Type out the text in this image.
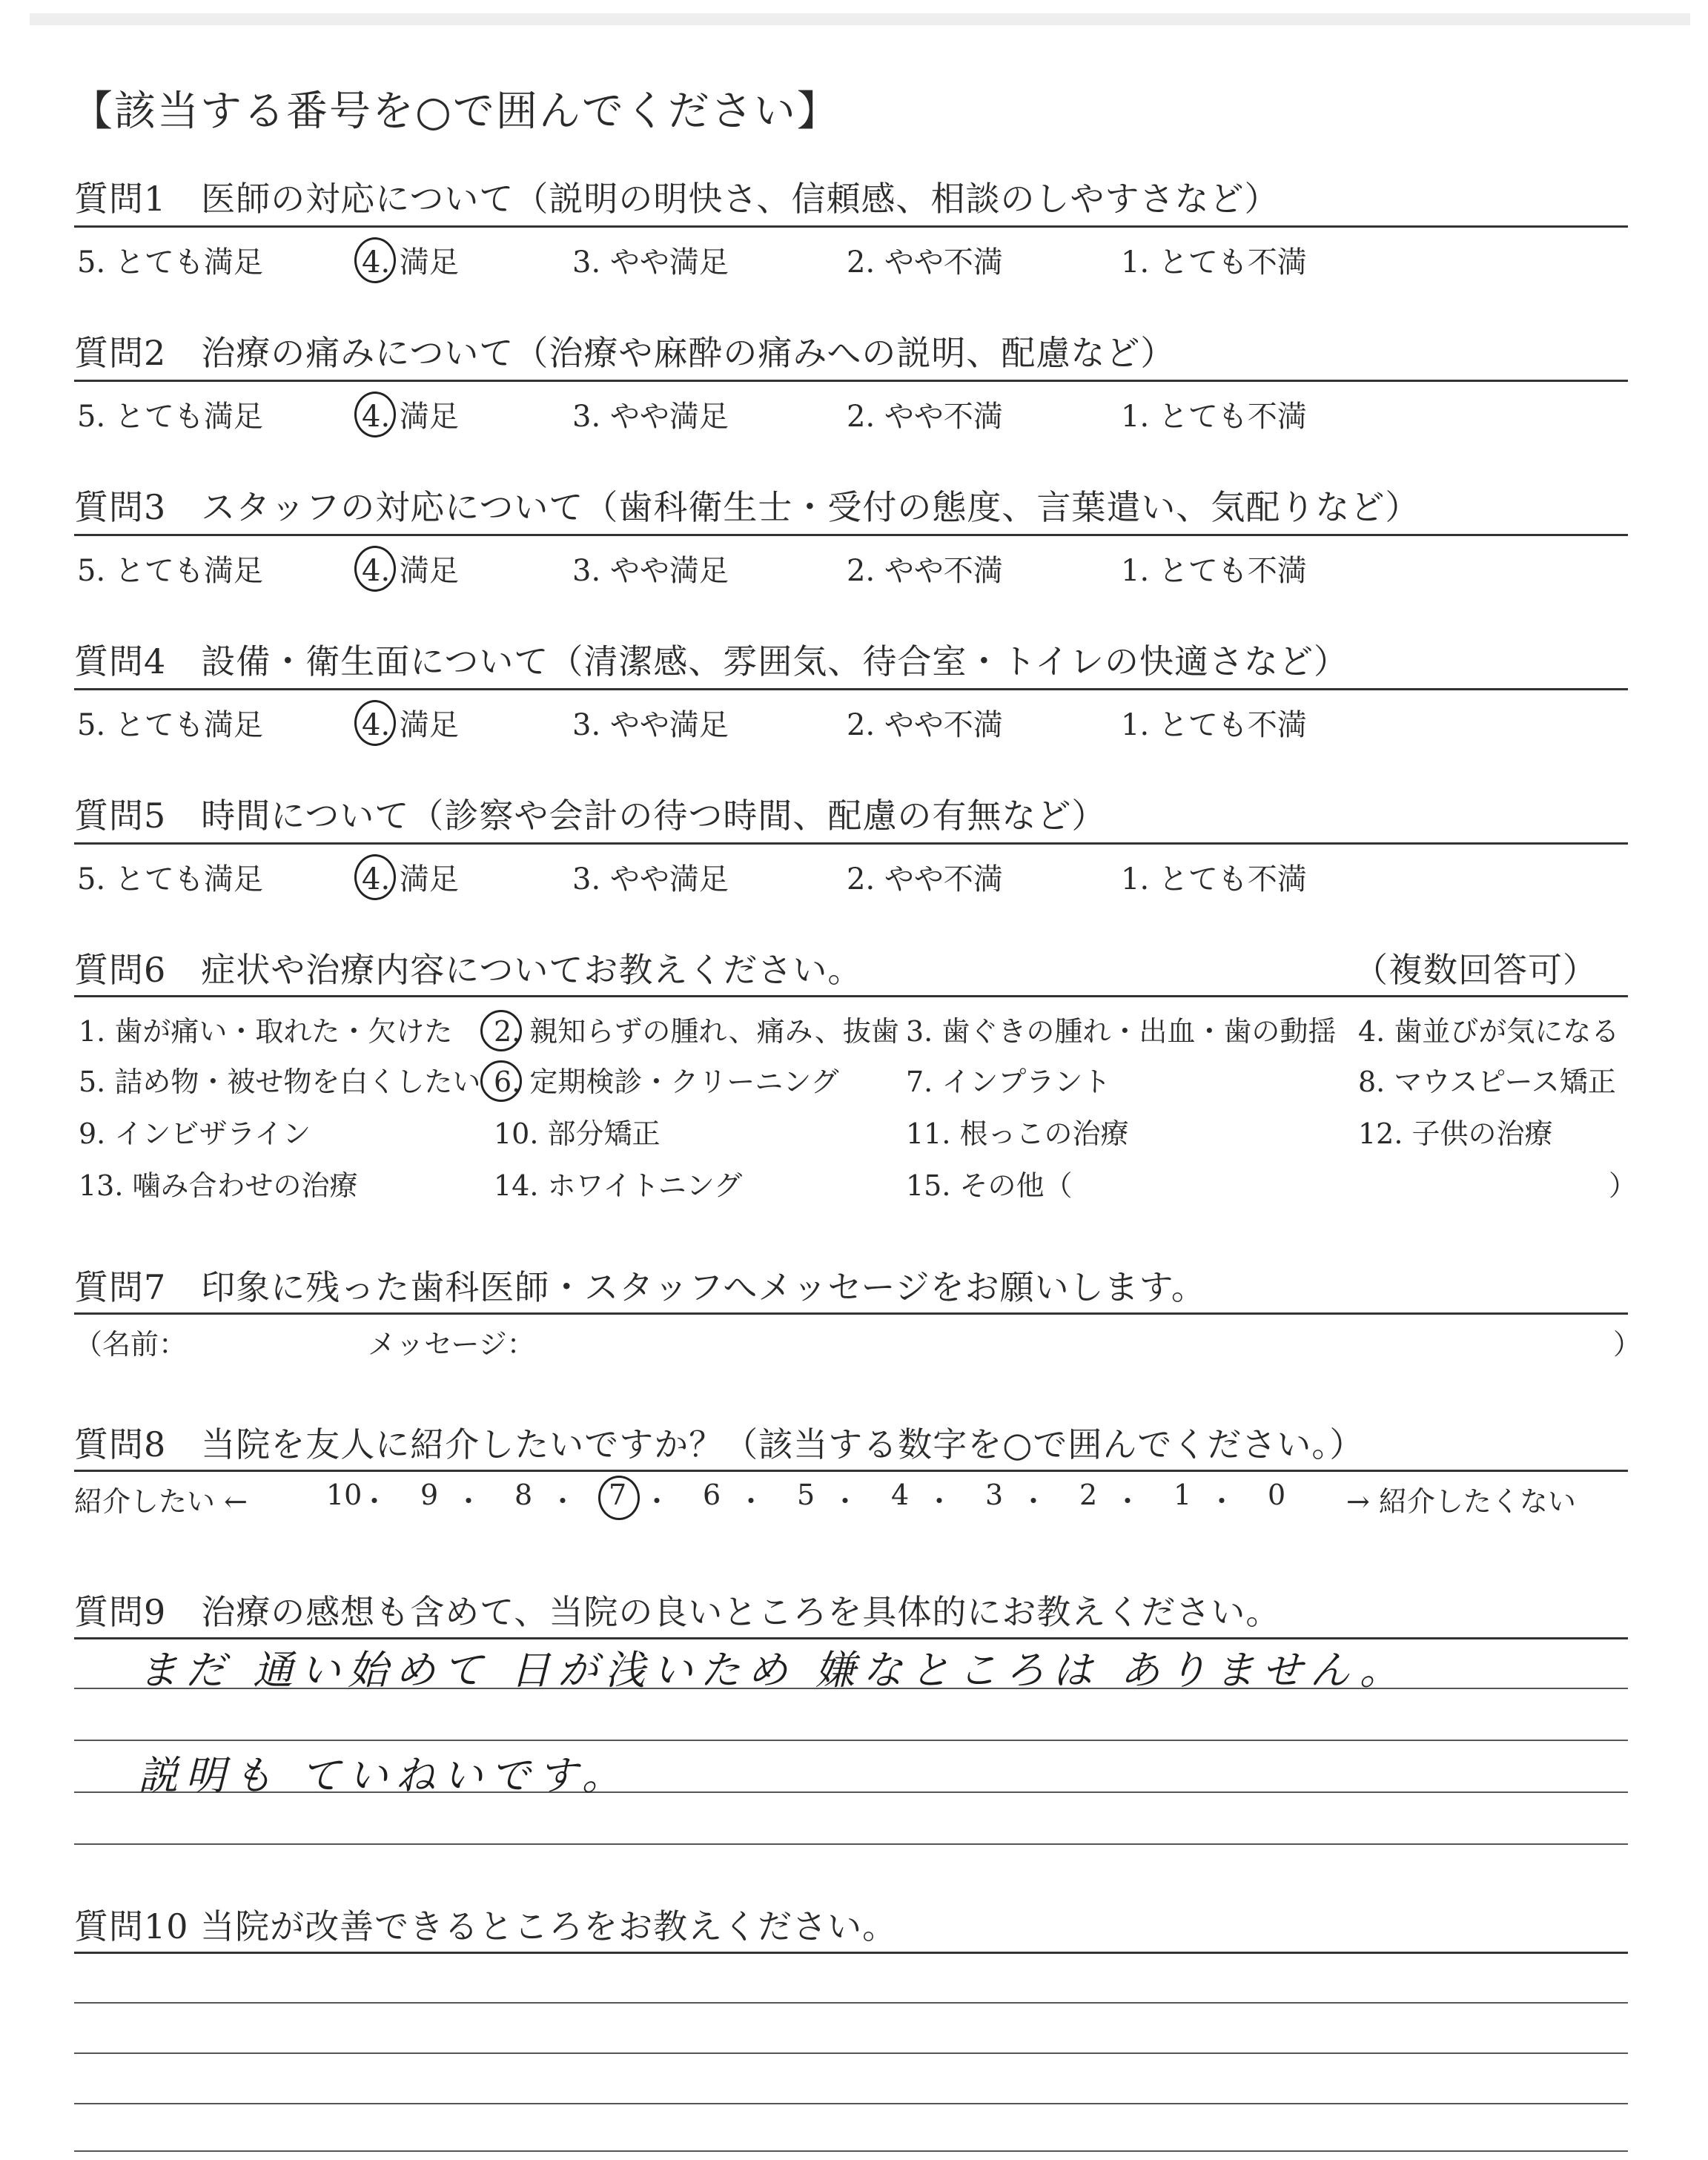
【該当する番号を○で囲んでください】
質問1　医師の対応について（説明の明快さ、信頼感、相談のしやすさなど）
5. とても満足	4. 満足	3. やや満足	2. やや不満	1. とても不満
質問2　治療の痛みについて（治療や麻酔の痛みへの説明、配慮など）
5. とても満足	4. 満足	3. やや満足	2. やや不満	1. とても不満
質問3　スタッフの対応について（歯科衛生士・受付の態度、言葉遣い、気配りなど）
5. とても満足	4. 満足	3. やや満足	2. やや不満	1. とても不満
質問4　設備・衛生面について（清潔感、雰囲気、待合室・トイレの快適さなど）
5. とても満足	4. 満足	3. やや満足	2. やや不満	1. とても不満
質問5　時間について（診察や会計の待つ時間、配慮の有無など）
5. とても満足	4. 満足	3. やや満足	2. やや不満	1. とても不満
質問6　症状や治療内容についてお教えください。	（複数回答可）
1. 歯が痛い・取れた・欠けた 2. 親知らずの腫れ、痛み、抜歯 3. 歯ぐきの腫れ・出血・歯の動揺 4. 歯並びが気になる
5. 詰め物・被せ物を白くしたい 6. 定期検診・クリーニング 7. インプラント	8. マウスピース矯正
9. インビザライン	10. 部分矯正	11. 根っこの治療	12. 子供の治療
13. 噛み合わせの治療	14. ホワイトニング	15. その他（	）
質問7　印象に残った歯科医師・スタッフへメッセージをお願いします。
（名前：	メッセージ：	）
質問8　当院を友人に紹介したいですか？（該当する数字を○で囲んでください。）
紹介したい ←	→ 紹介したくない
10
・ 9 ・ 8 ・ 7 ・ 6 ・ 5 ・ 4 ・ 3 ・ 2 ・ 1 ・ 0
質問9　治療の感想も含めて、当院の良いところを具体的にお教えください。
まだ 通い始めて 日が浅いため 嫌なところは ありません。
説明も ていねいです。
質問10 当院が改善できるところをお教えください。
